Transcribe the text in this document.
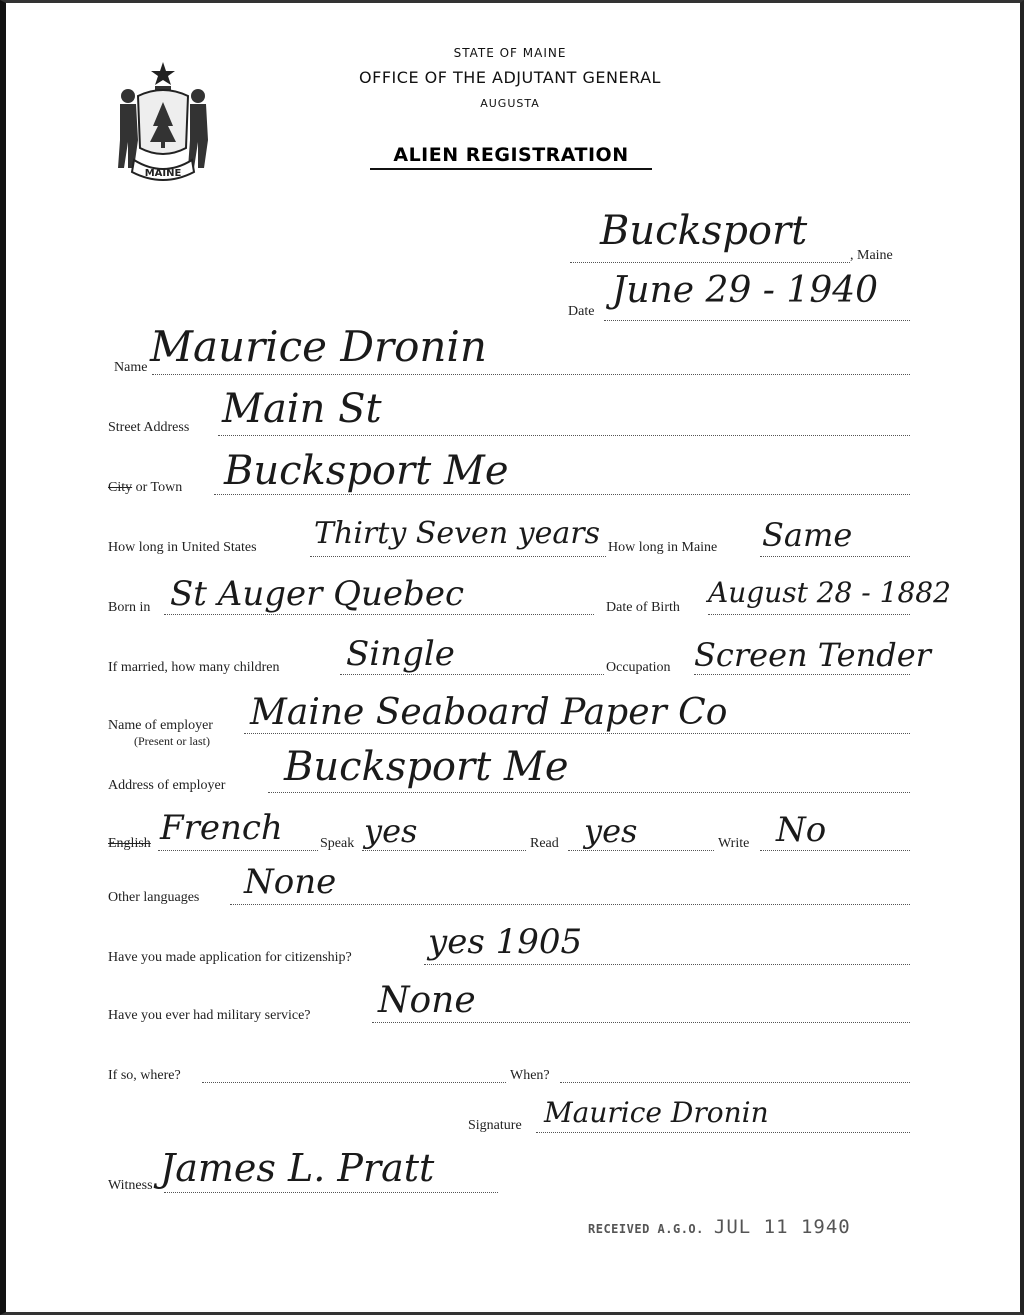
MAINE
STATE OF MAINE
OFFICE OF THE ADJUTANT GENERAL
AUGUSTA
ALIEN REGISTRATION
Bucksport
, Maine
Date
June 29 - 1940
Name Maurice Dronin
Street Address Main St
City or Town Bucksport Me
How long in United States Thirty Seven years How long in Maine Same
Born in St Auger Quebec	Date of Birth August 28 - 1882
If married, how many children Single	Occupation Screen Tender
Name of employer
(Present or last)
Maine Seaboard Paper Co
Address of employer Bucksport Me
English French	Speak yes	Read yes	Write No
Other languages None
Have you made application for citizenship? yes 1905
Have you ever had military service? None
If so, where?	When?
Signature Maurice Dronin
Witness James L. Pratt
RECEIVED A.G.O. JUL 11 1940
